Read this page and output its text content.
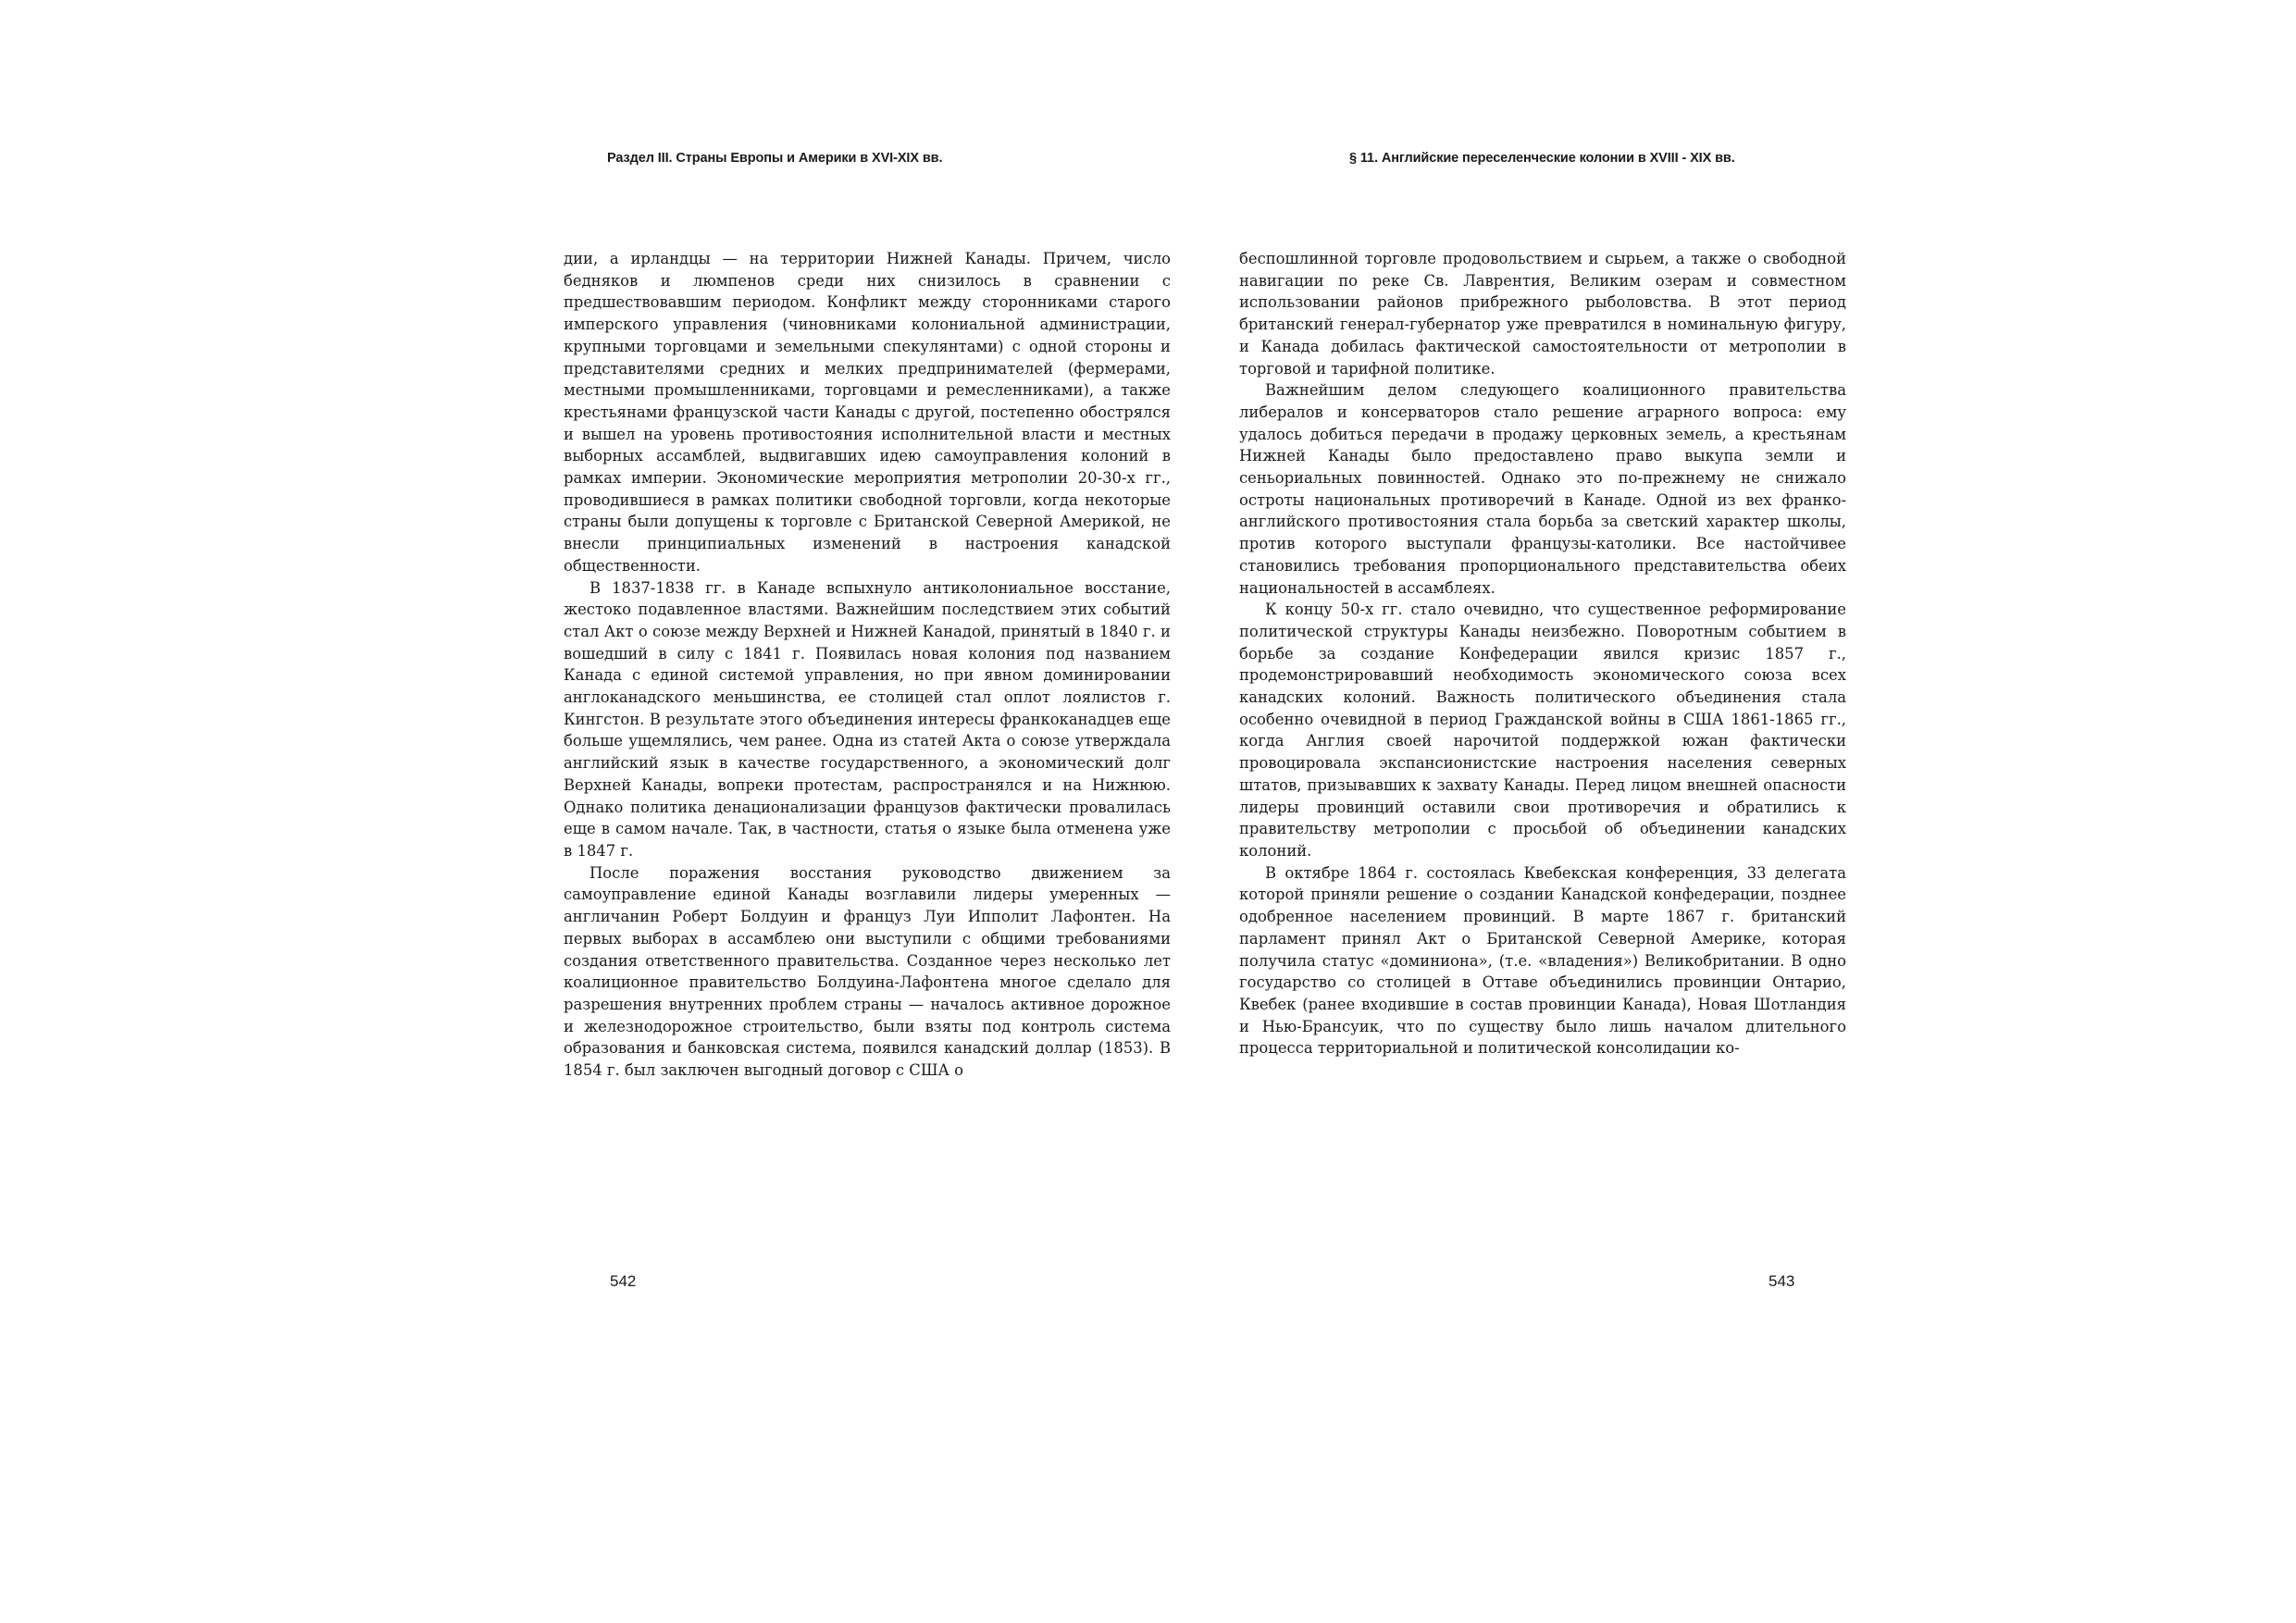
Раздел III. Страны Европы и Америки в XVI-XIX вв.

дии, а ирландцы — на территории Нижней Канады. Причем, число бедняков и люмпенов среди них снизилось в сравнении с предшествовавшим периодом. Конфликт между сторонниками старого имперского управления (чиновниками колониальной администрации, крупными торговцами и земельными спекулянтами) с одной стороны и представителями средних и мелких предпринимателей (фермерами, местными промышленниками, торговцами и ремесленниками), а также крестьянами французской части Канады с другой, постепенно обострялся и вышел на уровень противостояния исполнительной власти и местных выборных ассамблей, выдвигавших идею самоуправления колоний в рамках империи. Экономические мероприятия метрополии 20-30-х гг., проводившиеся в рамках политики свободной торговли, когда некоторые страны были допущены к торговле с Британской Северной Америкой, не внесли принципиальных изменений в настроения канадской общественности.

В 1837-1838 гг. в Канаде вспыхнуло антиколониальное восстание, жестоко подавленное властями. Важнейшим последствием этих событий стал Акт о союзе между Верхней и Нижней Канадой, принятый в 1840 г. и вошедший в силу с 1841 г. Появилась новая колония под названием Канада с единой системой управления, но при явном доминировании англоканадского меньшинства, ее столицей стал оплот лоялистов г. Кингстон. В результате этого объединения интересы франкоканадцев еще больше ущемлялись, чем ранее. Одна из статей Акта о союзе утверждала английский язык в качестве государственного, а экономический долг Верхней Канады, вопреки протестам, распространялся и на Нижнюю. Однако политика денационализации французов фактически провалилась еще в самом начале. Так, в частности, статья о языке была отменена уже в 1847 г.

После поражения восстания руководство движением за самоуправление единой Канады возглавили лидеры умеренных — англичанин Роберт Болдуин и француз Луи Ипполит Лафонтен. На первых выборах в ассамблею они выступили с общими требованиями создания ответственного правительства. Созданное через несколько лет коалиционное правительство Болдуина-Лафонтена многое сделало для разрешения внутренних проблем страны — началось активное дорожное и железнодорожное строительство, были взяты под контроль система образования и банковская система, появился канадский доллар (1853). В 1854 г. был заключен выгодный договор с США о

542
§ 11. Английские переселенческие колонии в XVIII - XIX вв.

беспошлинной торговле продовольствием и сырьем, а также о свободной навигации по реке Св. Лаврентия, Великим озерам и совместном использовании районов прибрежного рыболовства. В этот период британский генерал-губернатор уже превратился в номинальную фигуру, и Канада добилась фактической самостоятельности от метрополии в торговой и тарифной политике.

Важнейшим делом следующего коалиционного правительства либералов и консерваторов стало решение аграрного вопроса: ему удалось добиться передачи в продажу церковных земель, а крестьянам Нижней Канады было предоставлено право выкупа земли и сеньориальных повинностей. Однако это по-прежнему не снижало остроты национальных противоречий в Канаде. Одной из вех франко-английского противостояния стала борьба за светский характер школы, против которого выступали французы-католики. Все настойчивее становились требования пропорционального представительства обеих национальностей в ассамблеях.

К концу 50-х гг. стало очевидно, что существенное реформирование политической структуры Канады неизбежно. Поворотным событием в борьбе за создание Конфедерации явился кризис 1857 г., продемонстрировавший необходимость экономического союза всех канадских колоний. Важность политического объединения стала особенно очевидной в период Гражданской войны в США 1861-1865 гг., когда Англия своей нарочитой поддержкой южан фактически провоцировала экспансионистские настроения населения северных штатов, призывавших к захвату Канады. Перед лицом внешней опасности лидеры провинций оставили свои противоречия и обратились к правительству метрополии с просьбой об объединении канадских колоний.

В октябре 1864 г. состоялась Квебекская конференция, 33 делегата которой приняли решение о создании Канадской конфедерации, позднее одобренное населением провинций. В марте 1867 г. британский парламент принял Акт о Британской Северной Америке, которая получила статус «доминиона», (т.е. «владения») Великобритании. В одно государство со столицей в Оттаве объединились провинции Онтарио, Квебек (ранее входившие в состав провинции Канада), Новая Шотландия и Нью-Брансуик, что по существу было лишь началом длительного процесса территориальной и политической консолидации ко-

543
